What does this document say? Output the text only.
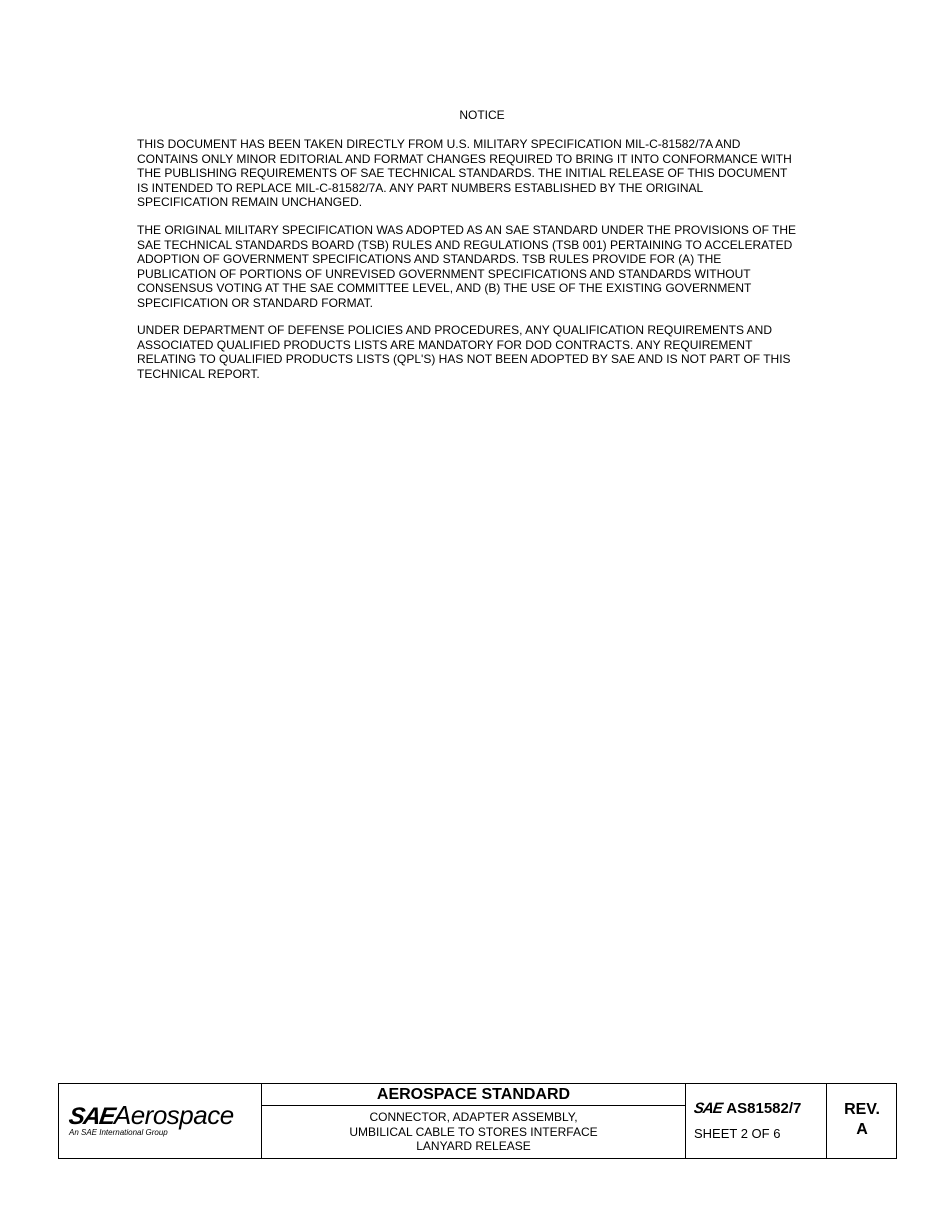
NOTICE

THIS DOCUMENT HAS BEEN TAKEN DIRECTLY FROM U.S. MILITARY SPECIFICATION MIL-C-81582/7A AND
CONTAINS ONLY MINOR EDITORIAL AND FORMAT CHANGES REQUIRED TO BRING IT INTO CONFORMANCE WITH
THE PUBLISHING REQUIREMENTS OF SAE TECHNICAL STANDARDS. THE INITIAL RELEASE OF THIS DOCUMENT
IS INTENDED TO REPLACE MIL-C-81582/7A. ANY PART NUMBERS ESTABLISHED BY THE ORIGINAL
SPECIFICATION REMAIN UNCHANGED.

THE ORIGINAL MILITARY SPECIFICATION WAS ADOPTED AS AN SAE STANDARD UNDER THE PROVISIONS OF THE
SAE TECHNICAL STANDARDS BOARD (TSB) RULES AND REGULATIONS (TSB 001) PERTAINING TO ACCELERATED
ADOPTION OF GOVERNMENT SPECIFICATIONS AND STANDARDS. TSB RULES PROVIDE FOR (A) THE
PUBLICATION OF PORTIONS OF UNREVISED GOVERNMENT SPECIFICATIONS AND STANDARDS WITHOUT
CONSENSUS VOTING AT THE SAE COMMITTEE LEVEL, AND (B) THE USE OF THE EXISTING GOVERNMENT
SPECIFICATION OR STANDARD FORMAT.

UNDER DEPARTMENT OF DEFENSE POLICIES AND PROCEDURES, ANY QUALIFICATION REQUIREMENTS AND
ASSOCIATED QUALIFIED PRODUCTS LISTS ARE MANDATORY FOR DOD CONTRACTS. ANY REQUIREMENT
RELATING TO QUALIFIED PRODUCTS LISTS (QPL'S) HAS NOT BEEN ADOPTED BY SAE AND IS NOT PART OF THIS
TECHNICAL REPORT.

SAEAerospace
An SAE International Group
AEROSPACE STANDARD
CONNECTOR, ADAPTER ASSEMBLY,
UMBILICAL CABLE TO STORES INTERFACE
LANYARD RELEASE
SAE AS81582/7
SHEET 2 OF 6
REV.
A
